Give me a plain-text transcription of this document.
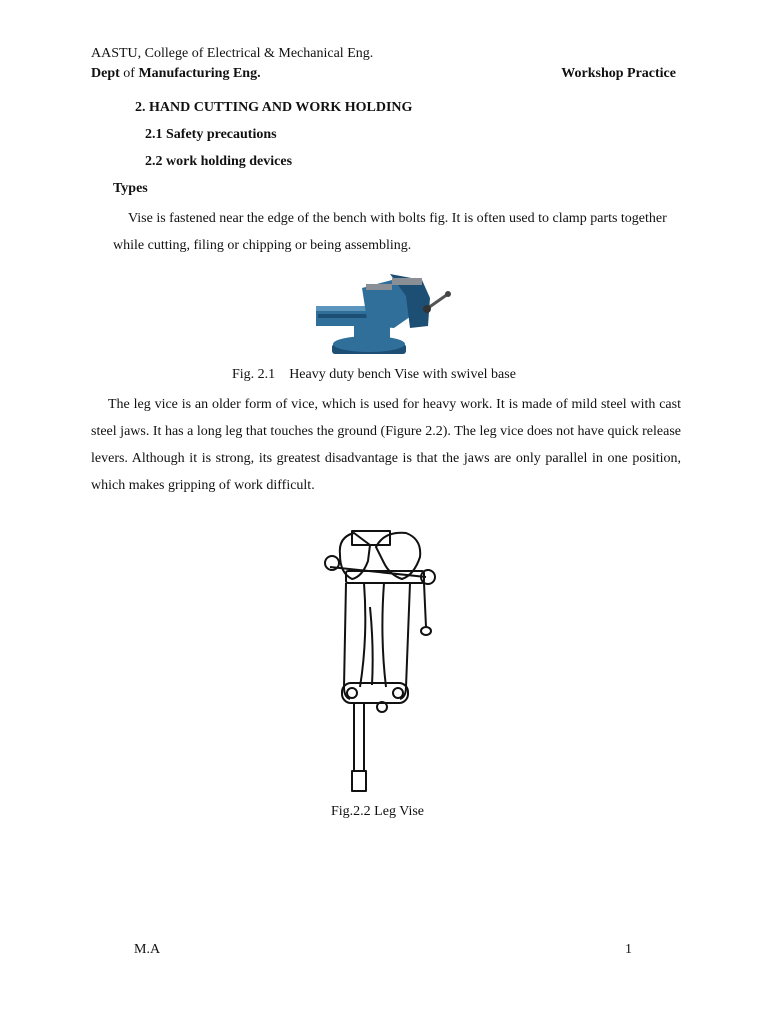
AASTU, College of Electrical & Mechanical Eng.
Dept of Manufacturing Eng.	Workshop Practice
2. HAND CUTTING AND WORK HOLDING
2.1 Safety precautions
2.2 work holding devices
Types
Vise is fastened near the edge of the bench with bolts fig. It is often used to clamp parts together while cutting, filing or chipping or being assembling.
Fig. 2.1 Heavy duty bench Vise with swivel base
The leg vice is an older form of vice, which is used for heavy work. It is made of mild steel with cast steel jaws. It has a long leg that touches the ground (Figure 2.2). The leg vice does not have quick release levers. Although it is strong, its greatest disadvantage is that the jaws are only parallel in one position, which makes gripping of work difficult.
Fig.2.2 Leg Vise
M.A	1
